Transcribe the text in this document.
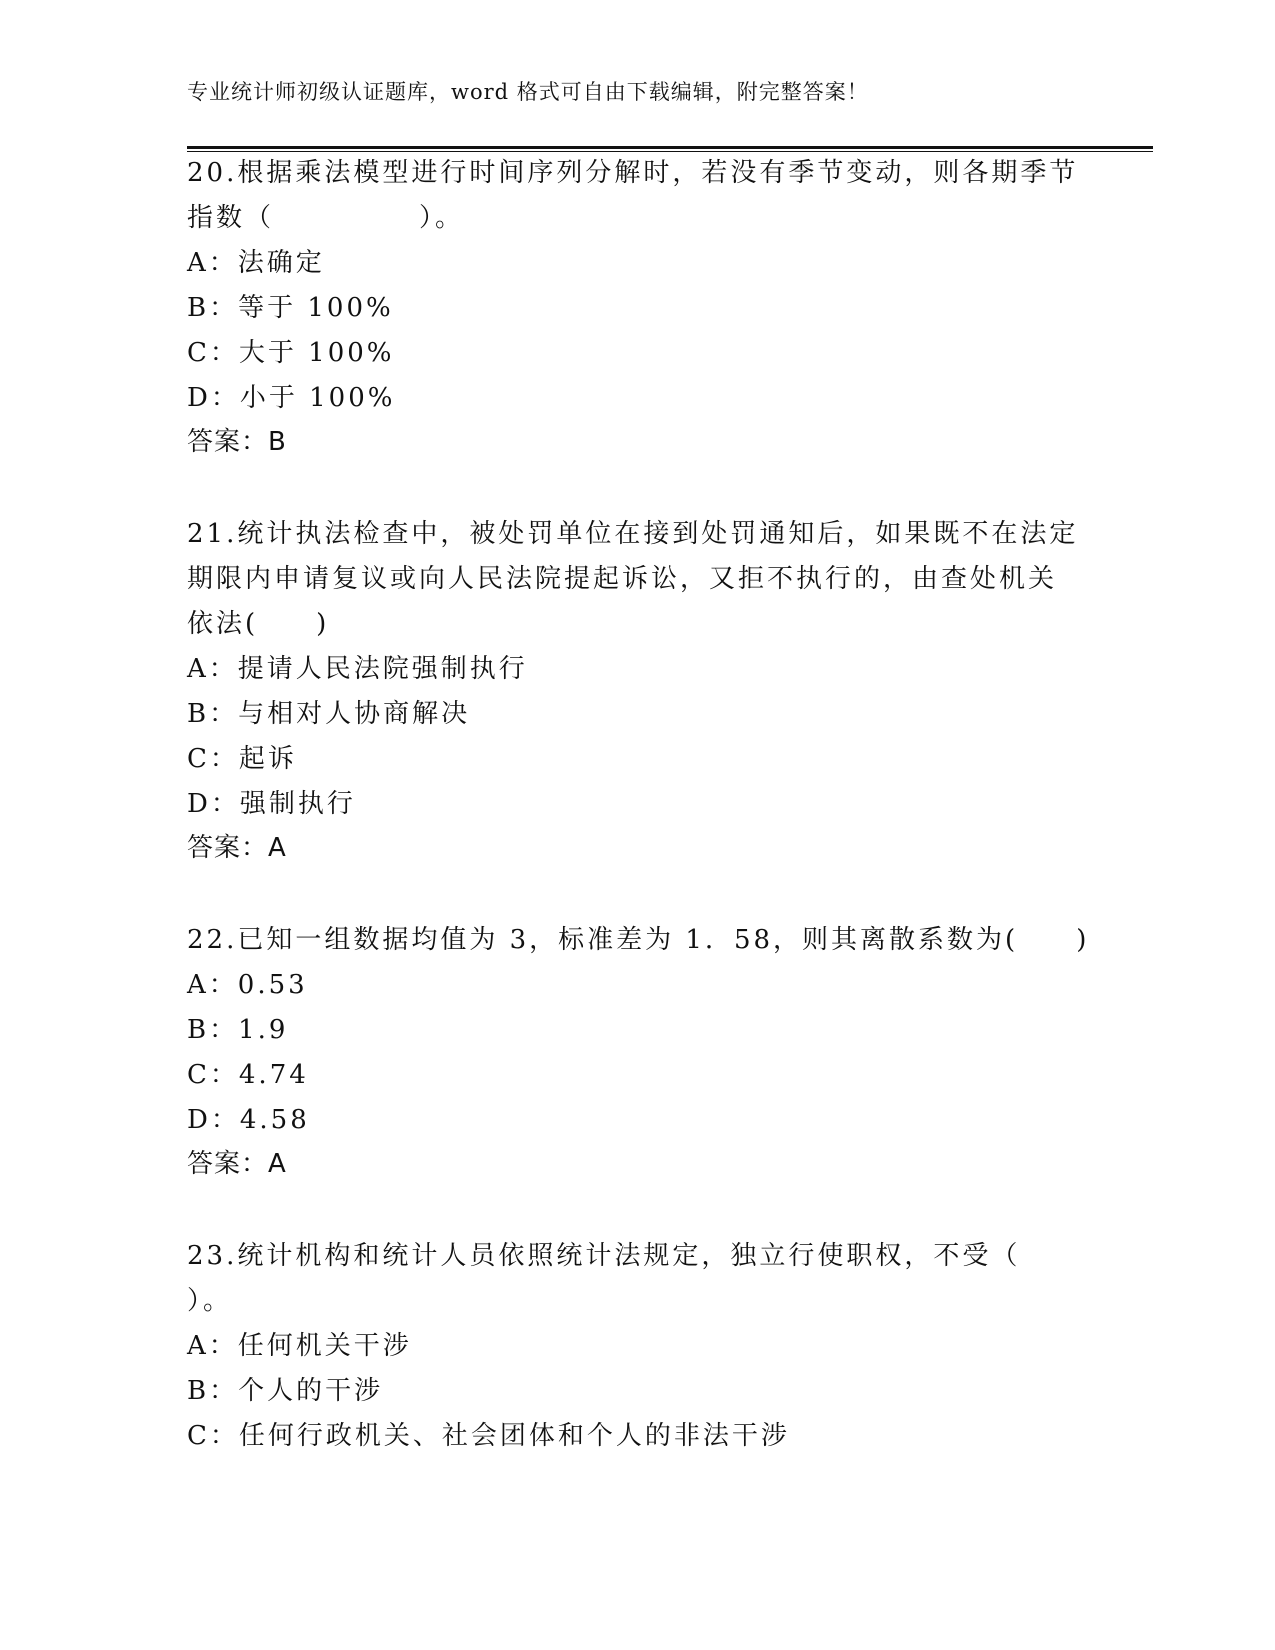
专业统计师初级认证题库，word 格式可自由下载编辑，附完整答案！
20.根据乘法模型进行时间序列分解时，若没有季节变动，则各期季节
指数（　　　　　）。
A：法确定
B：等于 100%
C：大于 100%
D：小于 100%
答案：B
21.统计执法检查中，被处罚单位在接到处罚通知后，如果既不在法定
期限内申请复议或向人民法院提起诉讼，又拒不执行的，由查处机关
依法(　　)
A：提请人民法院强制执行
B：与相对人协商解决
C：起诉
D：强制执行
答案：A
22.已知一组数据均值为 3，标准差为 1．58，则其离散系数为(　　)
A：0.53
B：1.9
C：4.74
D：4.58
答案：A
23.统计机构和统计人员依照统计法规定，独立行使职权，不受（
）。
A：任何机关干涉
B：个人的干涉
C：任何行政机关、社会团体和个人的非法干涉
